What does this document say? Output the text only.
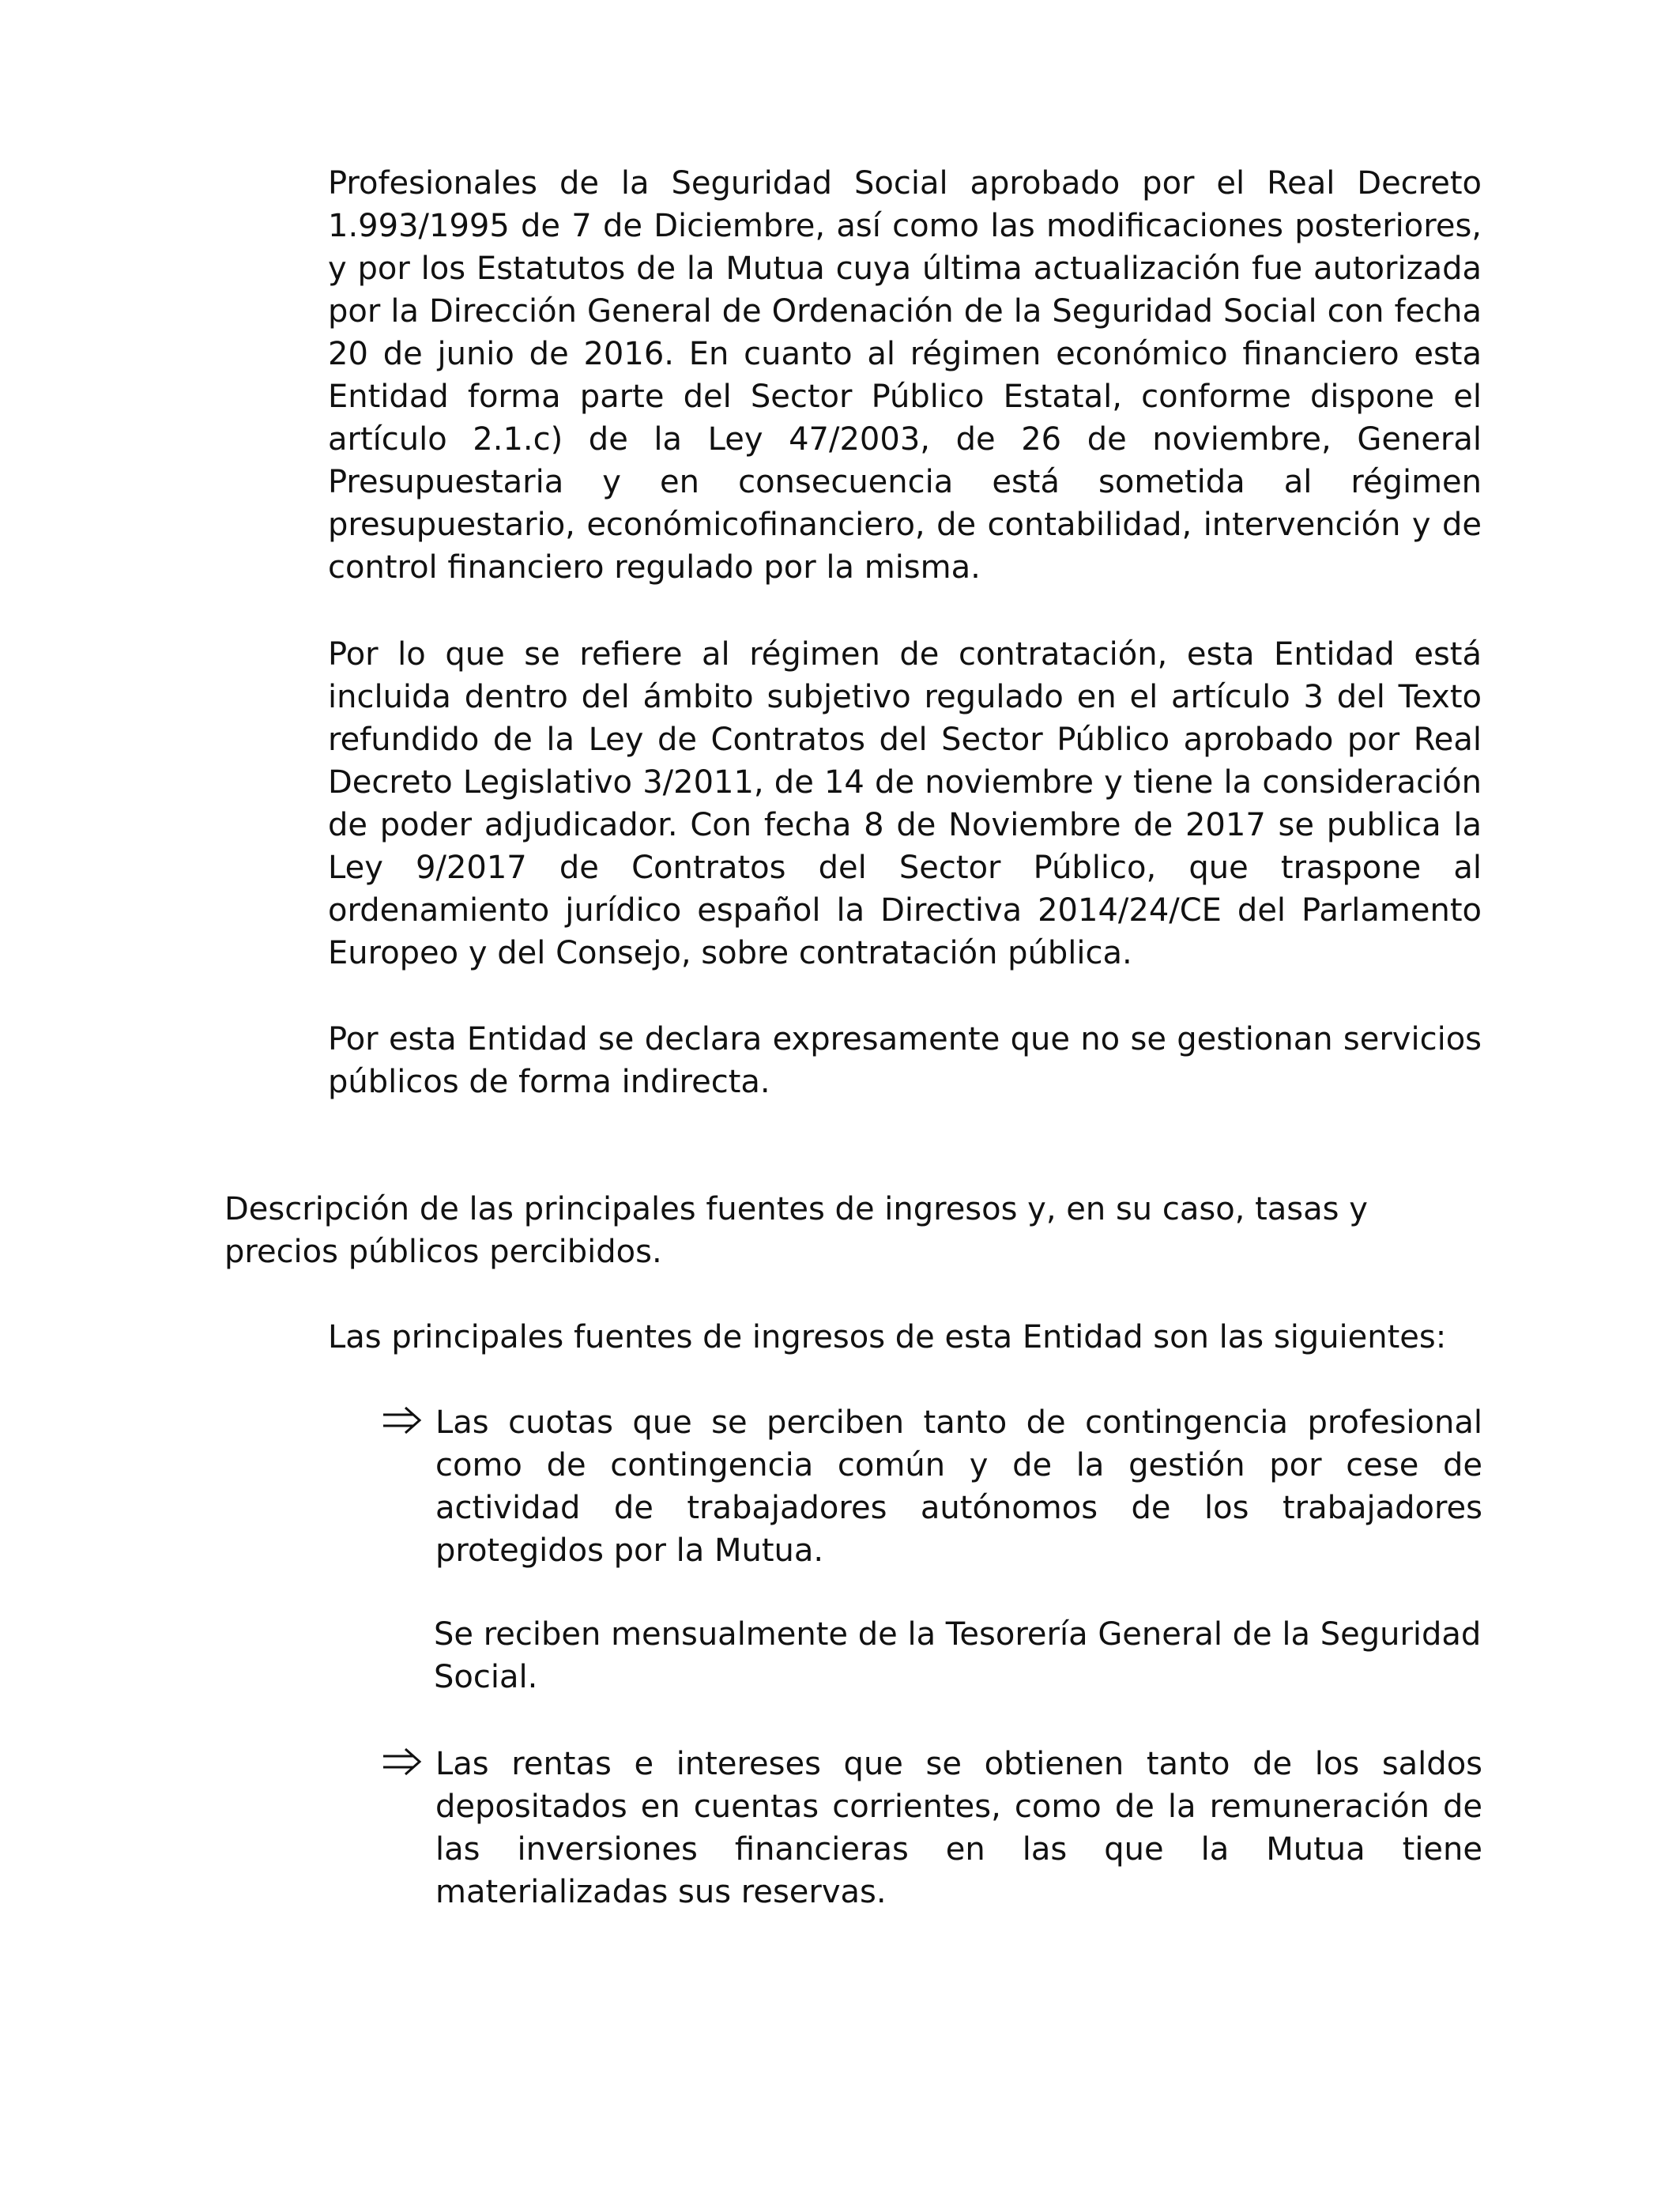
Profesionales de la Seguridad Social aprobado por el Real Decreto 1.993/1995 de 7 de Diciembre, así como las modificaciones posteriores, y por los Estatutos de la Mutua cuya última actualización fue autorizada por la Dirección General de Ordenación de la Seguridad Social con fecha 20 de junio de 2016. En cuanto al régimen económico financiero esta Entidad forma parte del Sector Público Estatal, conforme dispone el artículo 2.1.c) de la Ley 47/2003, de 26 de noviembre, General Presupuestaria y en consecuencia está sometida al régimen presupuestario, económicofinanciero, de contabilidad, intervención y de control financiero regulado por la misma.

Por lo que se refiere al régimen de contratación, esta Entidad está incluida dentro del ámbito subjetivo regulado en el artículo 3 del Texto refundido de la Ley de Contratos del Sector Público aprobado por Real Decreto Legislativo 3/2011, de 14 de noviembre y tiene la consideración de poder adjudicador. Con fecha 8 de Noviembre de 2017 se publica la Ley 9/2017 de Contratos del Sector Público, que traspone al ordenamiento jurídico español la Directiva 2014/24/CE del Parlamento Europeo y del Consejo, sobre contratación pública.

Por esta Entidad se declara expresamente que no se gestionan servicios públicos de forma indirecta.

Descripción de las principales fuentes de ingresos y, en su caso, tasas y precios públicos percibidos.

Las principales fuentes de ingresos de esta Entidad son las siguientes:

Las cuotas que se perciben tanto de contingencia profesional como de contingencia común y de la gestión por cese de actividad de trabajadores autónomos de los trabajadores protegidos por la Mutua.

Se reciben mensualmente de la Tesorería General de la Seguridad Social.

Las rentas e intereses que se obtienen tanto de los saldos depositados en cuentas corrientes, como de la remuneración de las inversiones financieras en las que la Mutua tiene materializadas sus reservas.
